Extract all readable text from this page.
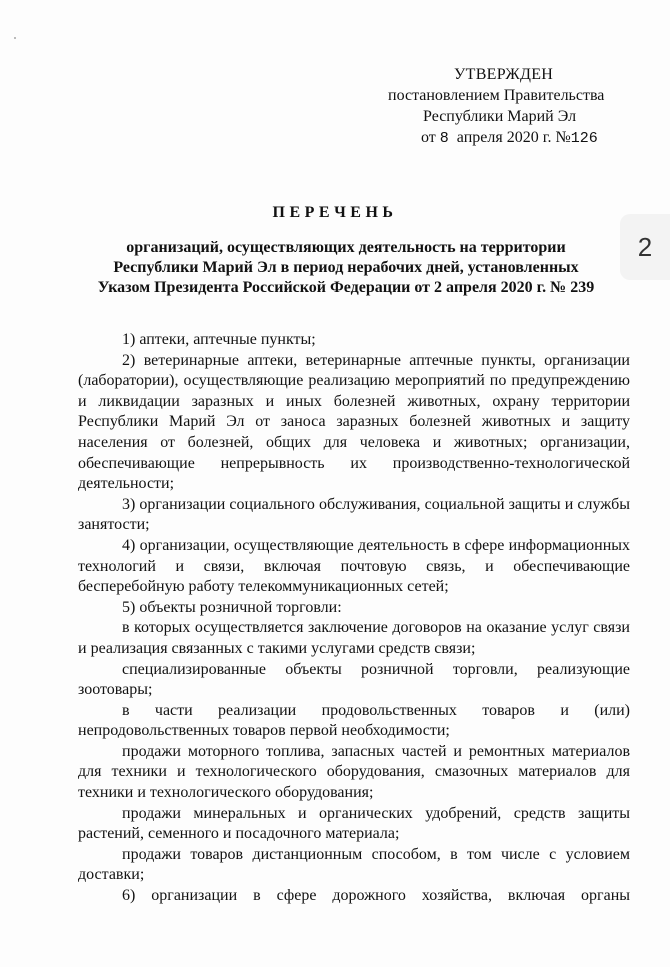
УТВЕРЖДЕН
постановлением Правительства
Республики Марий Эл
от 8 апреля 2020 г. №126
2
ПЕРЕЧЕНЬ
организаций, осуществляющих деятельность на территории
Республики Марий Эл в период нерабочих дней, установленных
Указом Президента Российской Федерации от 2 апреля 2020 г. № 239
1) аптеки, аптечные пункты;
2) ветеринарные аптеки, ветеринарные аптечные пункты, организации (лаборатории), осуществляющие реализацию мероприятий по предупреждению и ликвидации заразных и иных болезней животных, охрану территории Республики Марий Эл от заноса заразных болезней животных и защиту населения от болезней, общих для человека и животных; организации, обеспечивающие непрерывность их производственно-технологической деятельности;
3) организации социального обслуживания, социальной защиты и службы занятости;
4) организации, осуществляющие деятельность в сфере информационных технологий и связи, включая почтовую связь, и обеспечивающие бесперебойную работу телекоммуникационных сетей;
5) объекты розничной торговли:
в которых осуществляется заключение договоров на оказание услуг связи и реализация связанных с такими услугами средств связи;
специализированные объекты розничной торговли, реализующие зоотовары;
в части реализации продовольственных товаров и (или) непродовольственных товаров первой необходимости;
продажи моторного топлива, запасных частей и ремонтных материалов для техники и технологического оборудования, смазочных материалов для техники и технологического оборудования;
продажи минеральных и органических удобрений, средств защиты растений, семенного и посадочного материала;
продажи товаров дистанционным способом, в том числе с условием доставки;
6) организации в сфере дорожного хозяйства, включая органы
